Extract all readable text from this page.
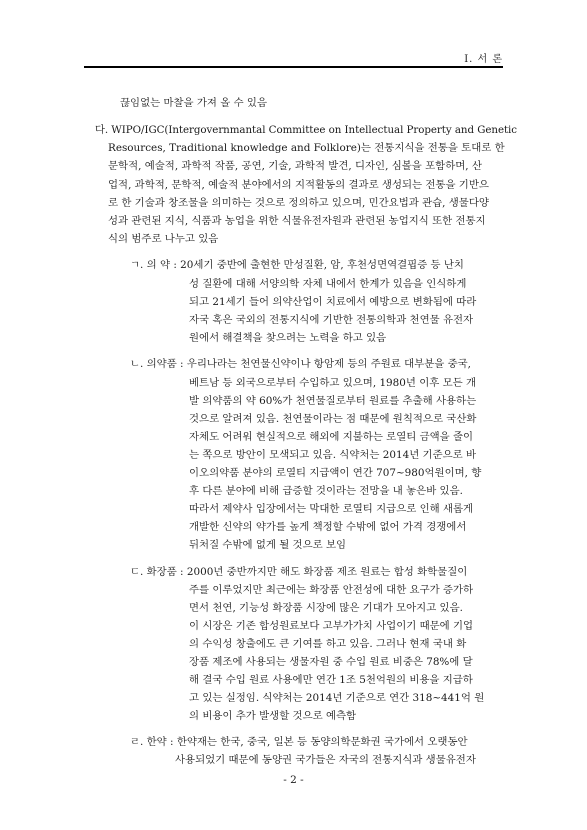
I. 서 론
끊임없는 마찰을 가져 올 수 있음
다. WIPO/IGC(Intergovernmantal Committee on Intellectual Property and Genetic
Resources, Traditional knowledge and Folklore)는 전통지식을 전통을 토대로 한
문학적, 예술적, 과학적 작품, 공연, 기술, 과학적 발견, 디자인, 심볼을 포함하며, 산
업적, 과학적, 문학적, 예술적 분야에서의 지적활동의 결과로 생성되는 전통을 기반으
로 한 기술과 창조물을 의미하는 것으로 정의하고 있으며, 민간요법과 관습, 생물다양
성과 관련된 지식, 식품과 농업을 위한 식물유전자원과 관련된 농업지식 또한 전통지
식의 범주로 나누고 있음
ㄱ. 의 약 : 20세기 중반에 출현한 만성질환, 암, 후천성면역결핍증 등 난치
성 질환에 대해 서양의학 자체 내에서 한계가 있음을 인식하게
되고 21세기 들어 의약산업이 치료에서 예방으로 변화됨에 따라
자국 혹은 국외의 전통지식에 기반한 전통의학과 천연물 유전자
원에서 해결책을 찾으려는 노력을 하고 있음
ㄴ. 의약품 : 우리나라는 천연물신약이나 항암제 등의 주원료 대부분을 중국,
베트남 등 외국으로부터 수입하고 있으며, 1980년 이후 모든 개
발 의약품의 약 60%가 천연물질로부터 원료를 추출해 사용하는
것으로 알려져 있음. 천연물이라는 점 때문에 원칙적으로 국산화
자체도 어려워 현실적으로 해외에 지불하는 로열티 금액을 줄이
는 쪽으로 방안이 모색되고 있음. 식약처는 2014년 기준으로 바
이오의약품 분야의 로열티 지급액이 연간 707~980억원이며, 향
후 다른 분야에 비해 급증할 것이라는 전망을 내 놓은바 있음.
따라서 제약사 입장에서는 막대한 로열티 지급으로 인해 새롭게
개발한 신약의 약가를 높게 책정할 수밖에 없어 가격 경쟁에서
뒤처질 수밖에 없게 될 것으로 보임
ㄷ. 화장품 : 2000년 중반까지만 해도 화장품 제조 원료는 합성 화학물질이
주를 이루었지만 최근에는 화장품 안전성에 대한 요구가 증가하
면서 천연, 기능성 화장품 시장에 많은 기대가 모아지고 있음.
이 시장은 기존 합성원료보다 고부가가치 사업이기 때문에 기업
의 수익성 창출에도 큰 기여를 하고 있음. 그러나 현재 국내 화
장품 제조에 사용되는 생물자원 중 수입 원료 비중은 78%에 달
해 결국 수입 원료 사용에만 연간 1조 5천억원의 비용을 지급하
고 있는 실정임. 식약처는 2014년 기준으로 연간 318~441억 원
의 비용이 추가 발생할 것으로 예측함
ㄹ. 한약 : 한약재는 한국, 중국, 일본 등 동양의학문화권 국가에서 오랫동안
사용되었기 때문에 동양권 국가들은 자국의 전통지식과 생물유전자
- 2 -
